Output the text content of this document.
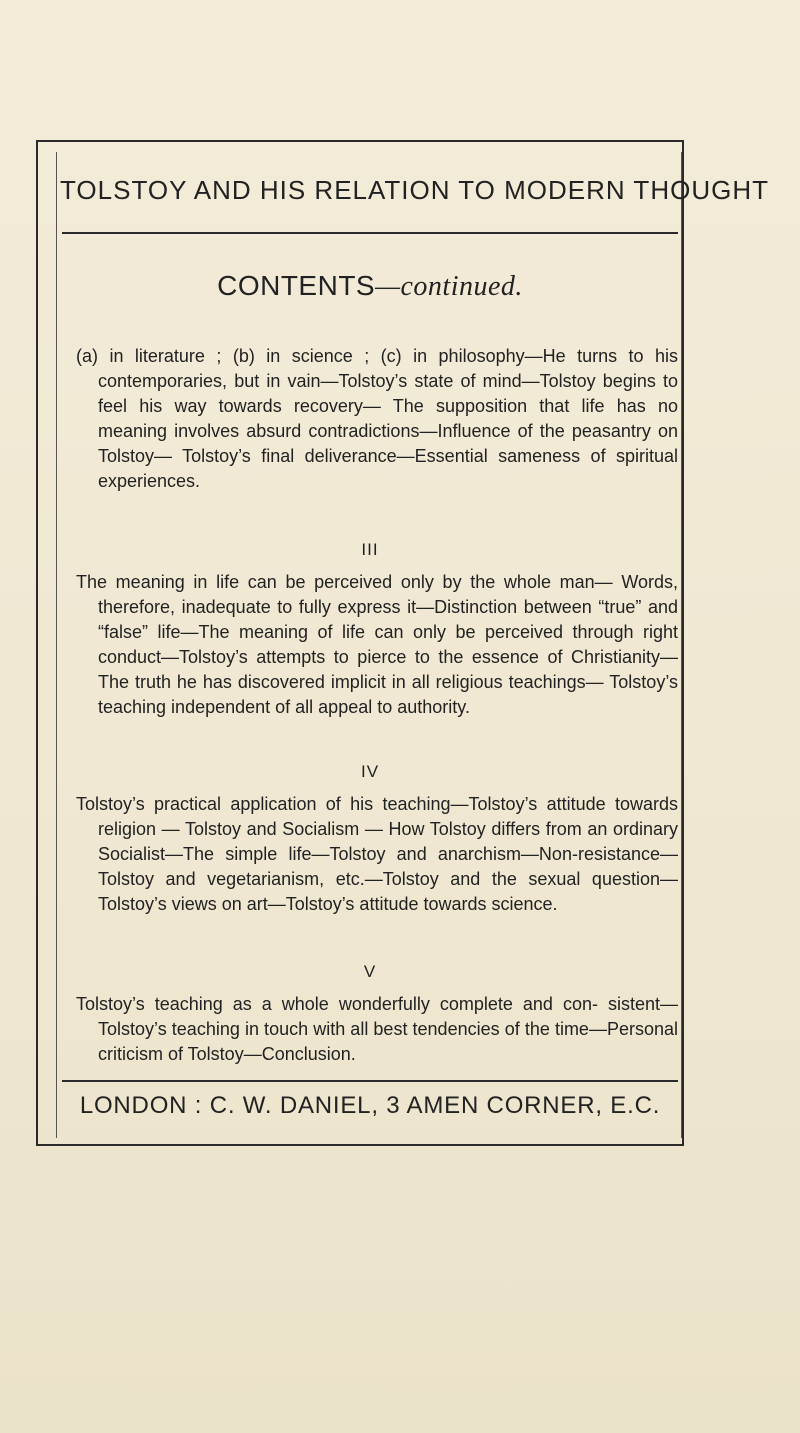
TOLSTOY AND HIS RELATION TO MODERN THOUGHT
CONTENTS—continued.
(a) in literature ; (b) in science ; (c) in philosophy—He turns to his contemporaries, but in vain—Tolstoy’s state of mind—Tolstoy begins to feel his way towards recovery— The supposition that life has no meaning involves absurd contradictions—Influence of the peasantry on Tolstoy— Tolstoy’s final deliverance—Essential sameness of spiritual experiences.
III
The meaning in life can be perceived only by the whole man— Words, therefore, inadequate to fully express it—Distinction between “true” and “false” life—The meaning of life can only be perceived through right conduct—Tolstoy’s attempts to pierce to the essence of Christianity—The truth he has discovered implicit in all religious teachings— Tolstoy’s teaching independent of all appeal to authority.
IV
Tolstoy’s practical application of his teaching—Tolstoy’s attitude towards religion — Tolstoy and Socialism — How Tolstoy differs from an ordinary Socialist—The simple life—Tolstoy and anarchism—Non-resistance—Tolstoy and vegetarianism, etc.—Tolstoy and the sexual question—Tolstoy’s views on art—Tolstoy’s attitude towards science.
V
Tolstoy’s teaching as a whole wonderfully complete and con- sistent—Tolstoy’s teaching in touch with all best tendencies of the time—Personal criticism of Tolstoy—Conclusion.
LONDON : C. W. DANIEL, 3 AMEN CORNER, E.C.
